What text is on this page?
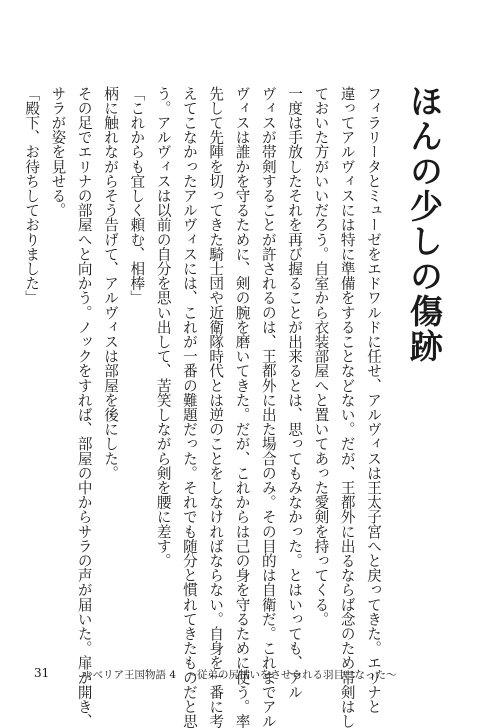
ほんの少しの傷跡

フィラリータとミューゼをエドワルドに任せ、アルヴィスは王太子宮へと戻ってきた。エリナと

違ってアルヴィスには特に準備をすることなどない。だが、王都外に出るならば念のため帯剣はし

ておいた方がいいだろう。自室から衣装部屋へと置いてあった愛剣を持ってくる。

一度は手放したそれを再び握ることが出来るとは、思ってもみなかった。とはいっても、アル

ヴィスが帯剣することが許されるのは、王都外に出た場合のみ。その目的は自衛だ。これまでアル

ヴィスは誰かを守るために、剣の腕を磨いてきた。だが、これからは己の身を守るために使う。率

先して先陣を切ってきた騎士団や近衛隊時代とは逆のことをしなければならない。自身を一番に考

えてこなかったアルヴィスには、これが一番の難題だった。それでも随分と慣れてきたものだと思

う。アルヴィスは以前の自分を思い出して、苦笑しながら剣を腰に差す。

「これからも宜しく頼む、相棒」

柄に触れながらそう告げて、アルヴィスは部屋を後にした。

その足でエリナの部屋へと向かう。ノックをすれば、部屋の中からサラの声が届いた。扉が開き、

サラが姿を見せる。

「殿下、お待ちしておりました」

31	ルベリア王国物語 4　～従弟の尻拭いをさせられる羽目になった～
